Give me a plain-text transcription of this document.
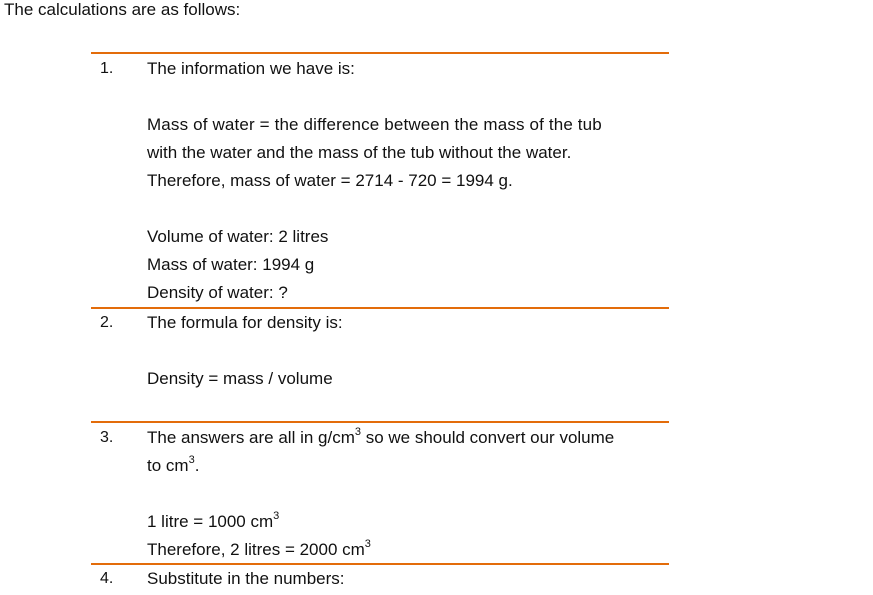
The calculations are as follows:
1. The information we have is:
Mass of water = the difference between the mass of the tub
with the water and the mass of the tub without the water.
Therefore, mass of water = 2714 - 720 = 1994 g.
Volume of water: 2 litres
Mass of water: 1994 g
Density of water: ?
2. The formula for density is:
Density = mass / volume
3. The answers are all in $g/cm^3$ so we should convert our volume
to $cm^3$.
1 litre = 1000 $cm^3$
Therefore, 2 litres = 2000 $cm^3$
4. Substitute in the numbers:
